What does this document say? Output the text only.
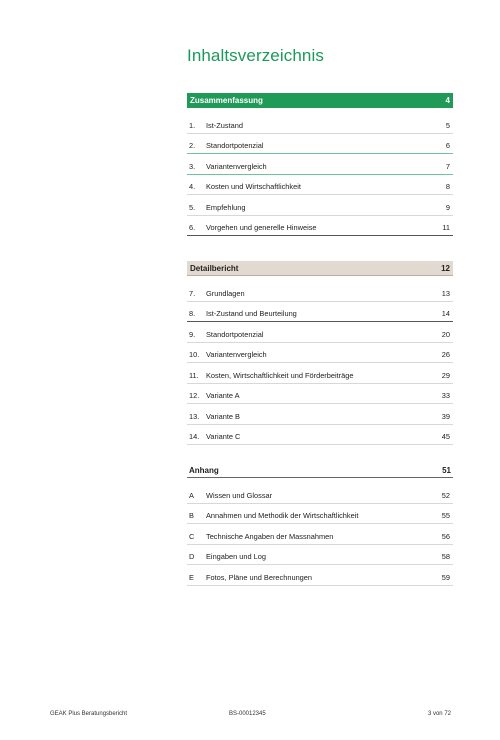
Inhaltsverzeichnis
Zusammenfassung	4
1.	Ist-Zustand	5
2.	Standortpotenzial	6
3.	Variantenvergleich	7
4.	Kosten und Wirtschaftlichkeit	8
5.	Empfehlung	9
6.	Vorgehen und generelle Hinweise	11
Detailbericht	12
7.	Grundlagen	13
8.	Ist-Zustand und Beurteilung	14
9.	Standortpotenzial	20
10. Variantenvergleich	26
11. Kosten, Wirtschaftlichkeit und Förderbeiträge	29
12. Variante A	33
13. Variante B	39
14. Variante C	45
Anhang	51
A	Wissen und Glossar	52
B	Annahmen und Methodik der Wirtschaftlichkeit	55
C	Technische Angaben der Massnahmen	56
D	Eingaben und Log	58
E	Fotos, Pläne und Berechnungen	59
GEAK Plus Beratungsbericht	BS-00012345	3 von 72
